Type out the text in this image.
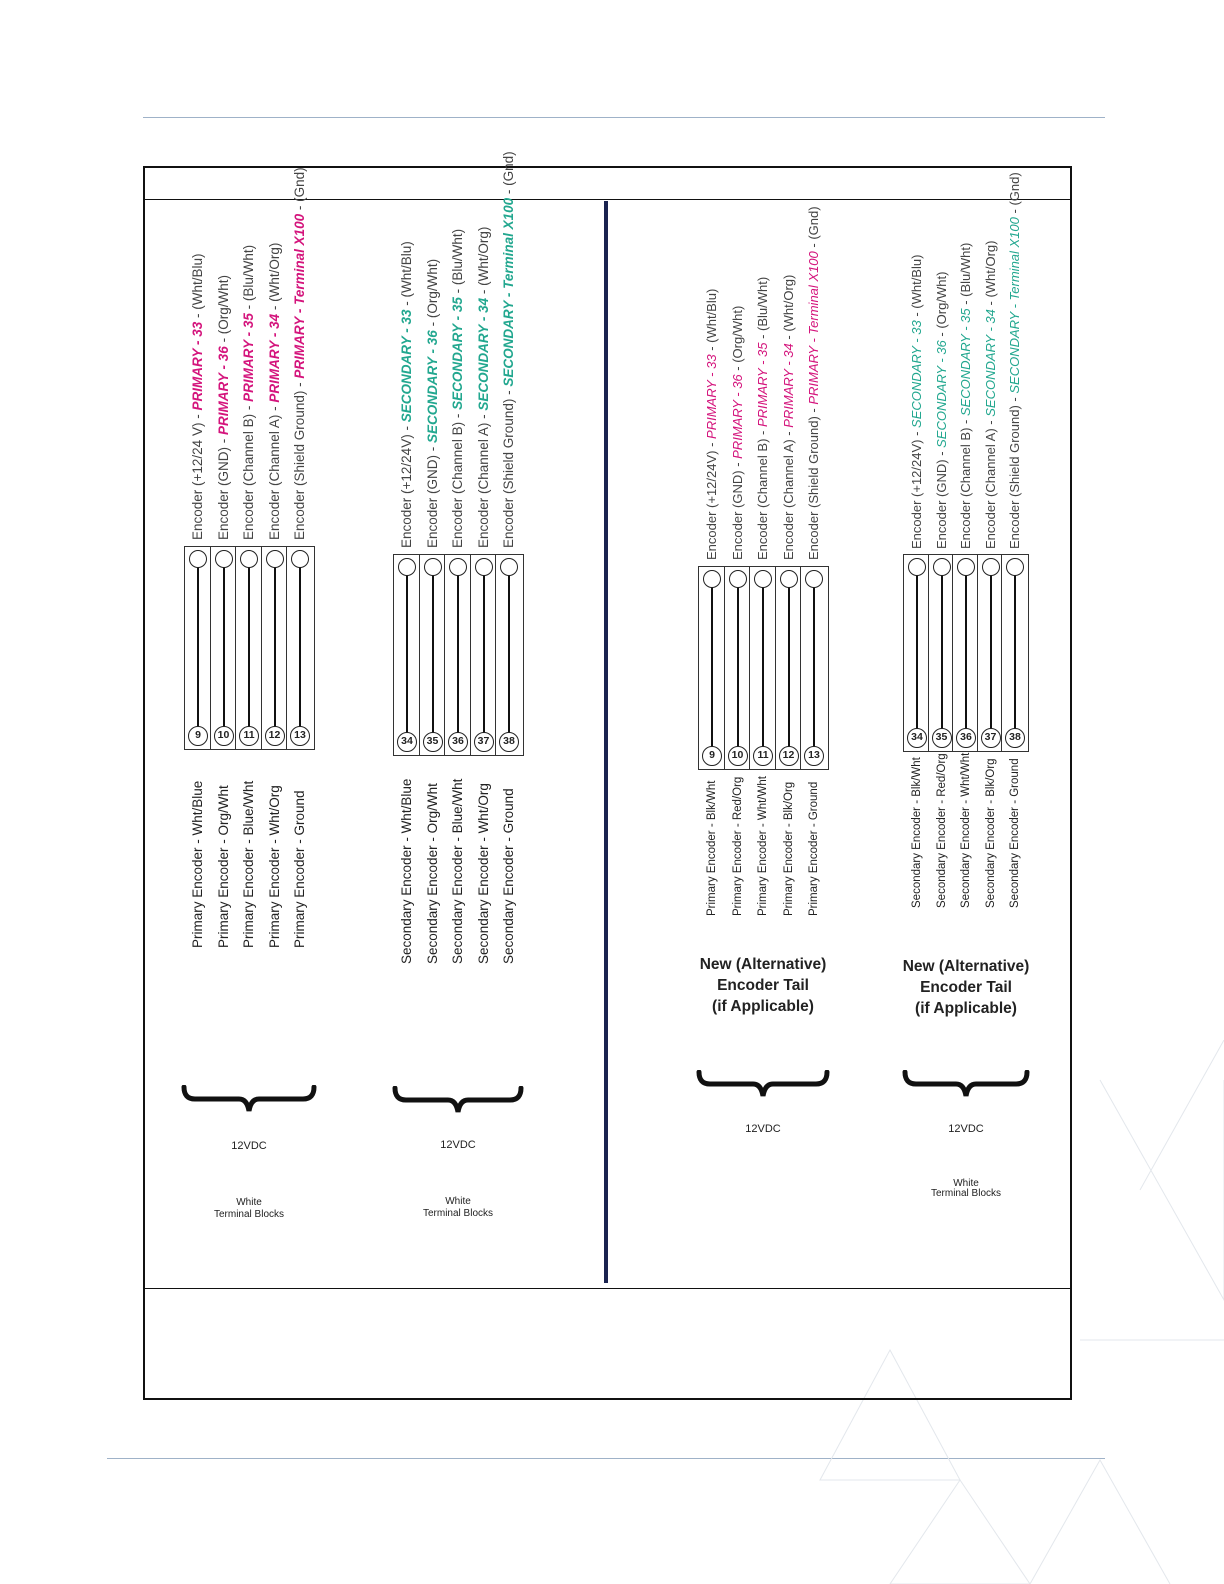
9
Encoder (+12/24 V) - PRIMARY - 33 - (Wht/Blu)
Primary Encoder - Wht/Blue
10
Encoder (GND) - PRIMARY - 36 - (Org/Wht)
Primary Encoder - Org/Wht
11
Encoder (Channel B) - PRIMARY - 35 - (Blu/Wht)
Primary Encoder - Blue/Wht
12
Encoder (Channel A) - PRIMARY - 34 - (Wht/Org)
Primary Encoder - Wht/Org
13
Encoder (Shield Ground) - PRIMARY - Terminal X100 - (Gnd)
Primary Encoder - Ground
12VDC
White
Terminal Blocks
34
Encoder (+12/24V) - SECONDARY - 33 - (Wht/Blu)
Secondary Encoder - Wht/Blue
35
Encoder (GND) - SECONDARY - 36 - (Org/Wht)
Secondary Encoder - Org/Wht
36
Encoder (Channel B) - SECONDARY - 35 - (Blu/Wht)
Secondary Encoder - Blue/Wht
37
Encoder (Channel A) - SECONDARY - 34 - (Wht/Org)
Secondary Encoder - Wht/Org
38
Encoder (Shield Ground) - SECONDARY - Terminal X100 - (Gnd)
Secondary Encoder - Ground
12VDC
White
Terminal Blocks
9
Encoder (+12/24V) - PRIMARY - 33 - (Wht/Blu)
Primary Encoder - Blk/Wht
10
Encoder (GND) - PRIMARY - 36 - (Org/Wht)
Primary Encoder - Red/Org
11
Encoder (Channel B) - PRIMARY - 35 - (Blu/Wht)
Primary Encoder - Wht/Wht
12
Encoder (Channel A) - PRIMARY - 34 - (Wht/Org)
Primary Encoder - Blk/Org
13
Encoder (Shield Ground) - PRIMARY - Terminal X100 - (Gnd)
Primary Encoder - Ground
New (Alternative)
Encoder Tail
(if Applicable)
12VDC
34
Encoder (+12/24V) - SECONDARY - 33 - (Wht/Blu)
Secondary Encoder - Blk/Wht
35
Encoder (GND) - SECONDARY - 36 - (Org/Wht)
Secondary Encoder - Red/Org
36
Encoder (Channel B) - SECONDARY - 35 - (Blu/Wht)
Secondary Encoder - Wht/Wht
37
Encoder (Channel A) - SECONDARY - 34 - (Wht/Org)
Secondary Encoder - Blk/Org
38
Encoder (Shield Ground) - SECONDARY - Terminal X100 - (Gnd)
Secondary Encoder - Ground
New (Alternative)
Encoder Tail
(if Applicable)
12VDC
White
Terminal Blocks
